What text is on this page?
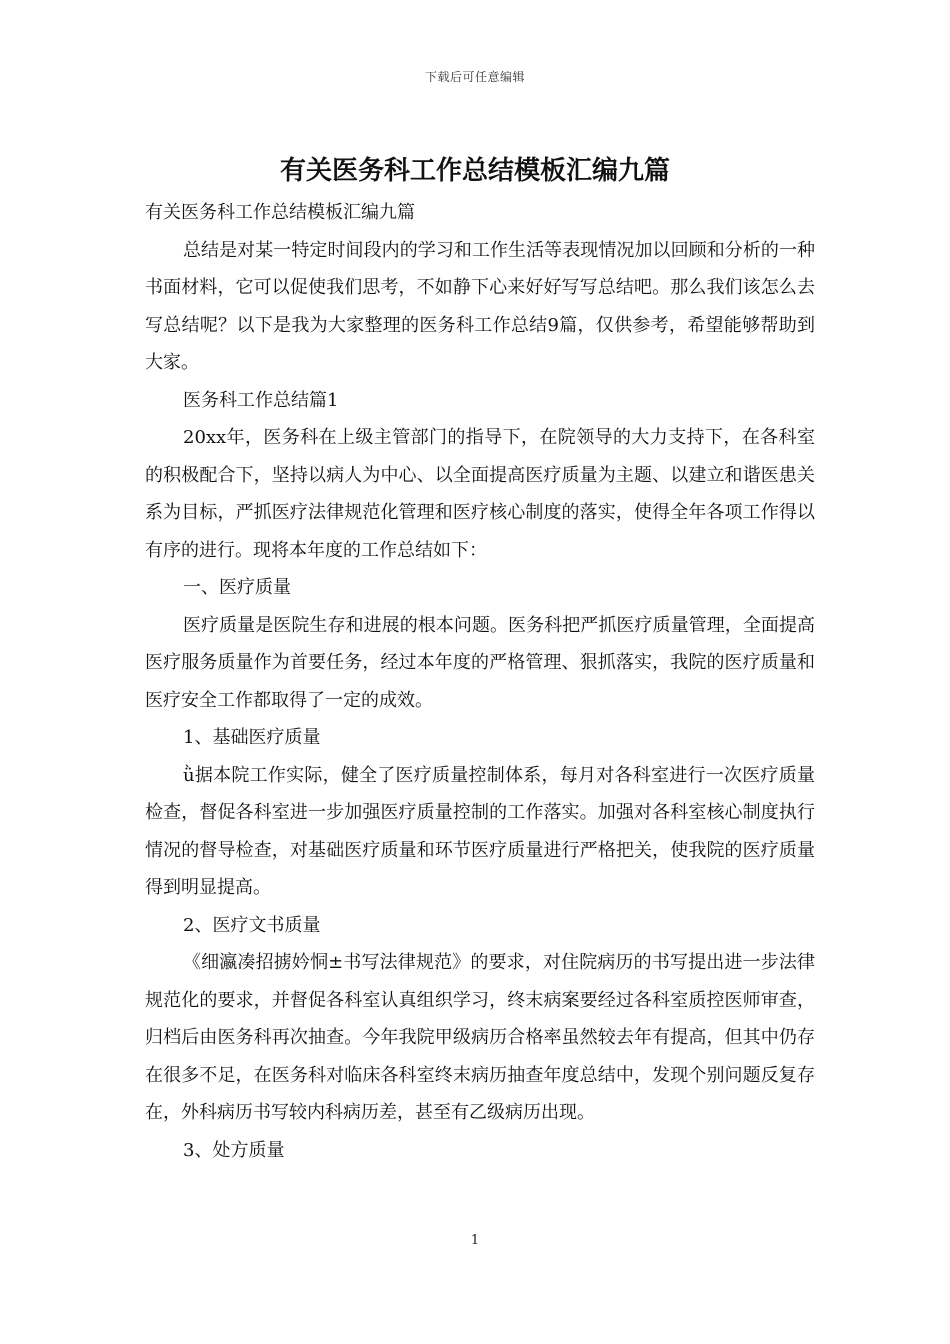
下载后可任意编辑
有关医务科工作总结模板汇编九篇

有关医务科工作总结模板汇编九篇

总结是对某一特定时间段内的学习和工作生活等表现情况加以回顾和分析的一种书面材料，它可以促使我们思考，不如静下心来好好写写总结吧。那么我们该怎么去写总结呢？以下是我为大家整理的医务科工作总结9篇，仅供参考，希望能够帮助到大家。

医务科工作总结篇1

20xx年，医务科在上级主管部门的指导下，在院领导的大力支持下，在各科室的积极配合下，坚持以病人为中心、以全面提高医疗质量为主题、以建立和谐医患关系为目标，严抓医疗法律规范化管理和医疗核心制度的落实，使得全年各项工作得以有序的进行。现将本年度的工作总结如下：

一、医疗质量

医疗质量是医院生存和进展的根本问题。医务科把严抓医疗质量管理，全面提高医疗服务质量作为首要任务，经过本年度的严格管理、狠抓落实，我院的医疗质量和医疗安全工作都取得了一定的成效。

1、基础医疗质量

ǜ据本院工作实际，健全了医疗质量控制体系，每月对各科室进行一次医疗质量检查，督促各科室进一步加强医疗质量控制的工作落实。加强对各科室核心制度执行情况的督导检查，对基础医疗质量和环节医疗质量进行严格把关，使我院的医疗质量得到明显提高。

2、医疗文书质量

《细瀛凑招掳妗恫±书写法律规范》的要求，对住院病历的书写提出进一步法律规范化的要求，并督促各科室认真组织学习，终末病案要经过各科室质控医师审查，归档后由医务科再次抽查。今年我院甲级病历合格率虽然较去年有提高，但其中仍存在很多不足，在医务科对临床各科室终末病历抽查年度总结中，发现个别问题反复存在，外科病历书写较内科病历差，甚至有乙级病历出现。

3、处方质量

1
